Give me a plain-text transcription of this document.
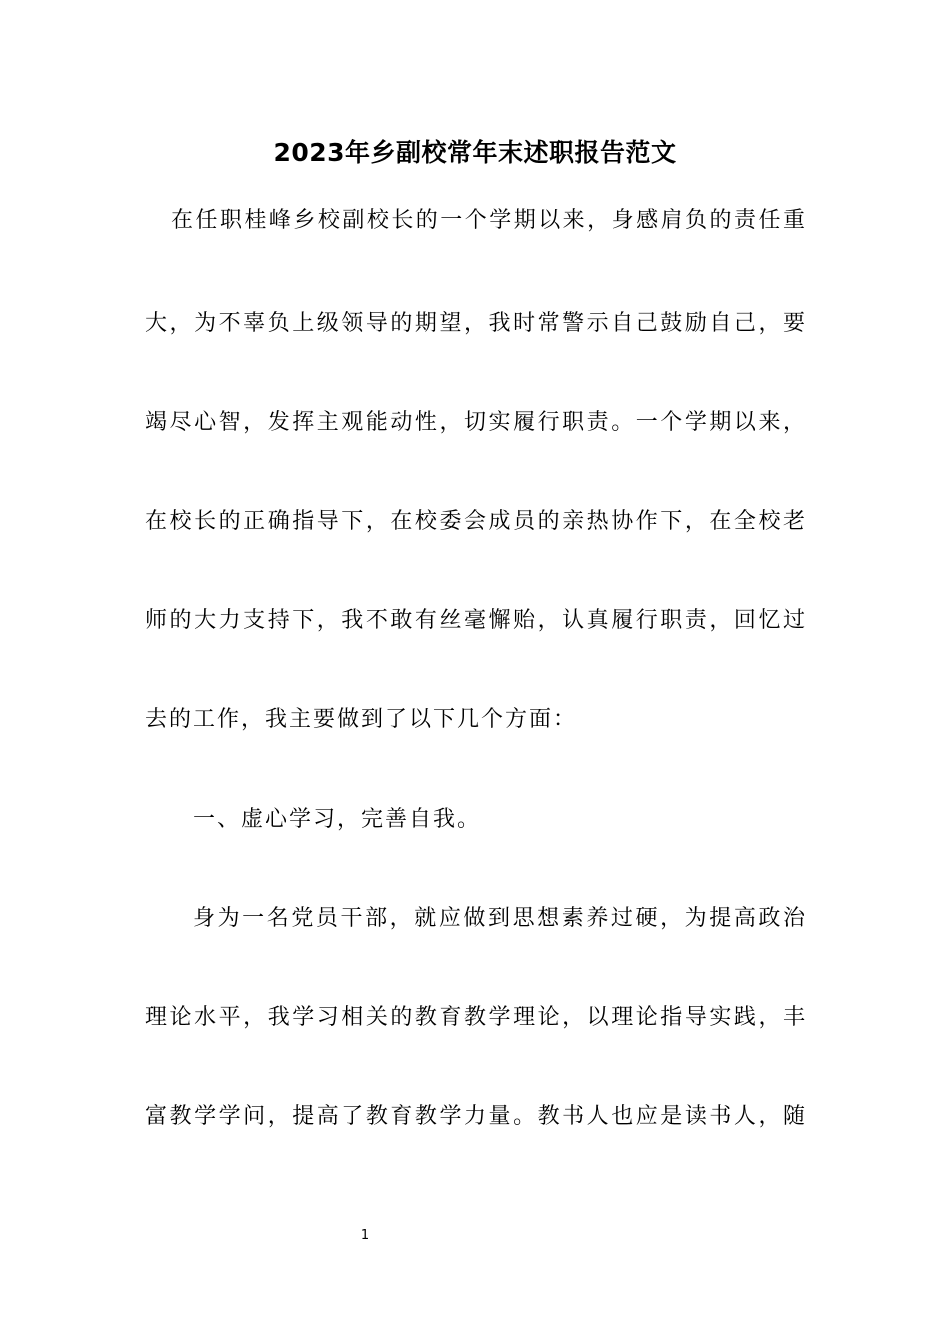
2023年乡副校常年末述职报告范文
在任职桂峰乡校副校长的一个学期以来，身感肩负的责任重
大，为不辜负上级领导的期望，我时常警示自己鼓励自己，要
竭尽心智，发挥主观能动性，切实履行职责。一个学期以来，
在校长的正确指导下，在校委会成员的亲热协作下，在全校老
师的大力支持下，我不敢有丝毫懈贻，认真履行职责，回忆过
去的工作，我主要做到了以下几个方面：
一、虚心学习，完善自我。
身为一名党员干部，就应做到思想素养过硬，为提高政治
理论水平，我学习相关的教育教学理论，以理论指导实践，丰
富教学学问，提高了教育教学力量。教书人也应是读书人，随
1
